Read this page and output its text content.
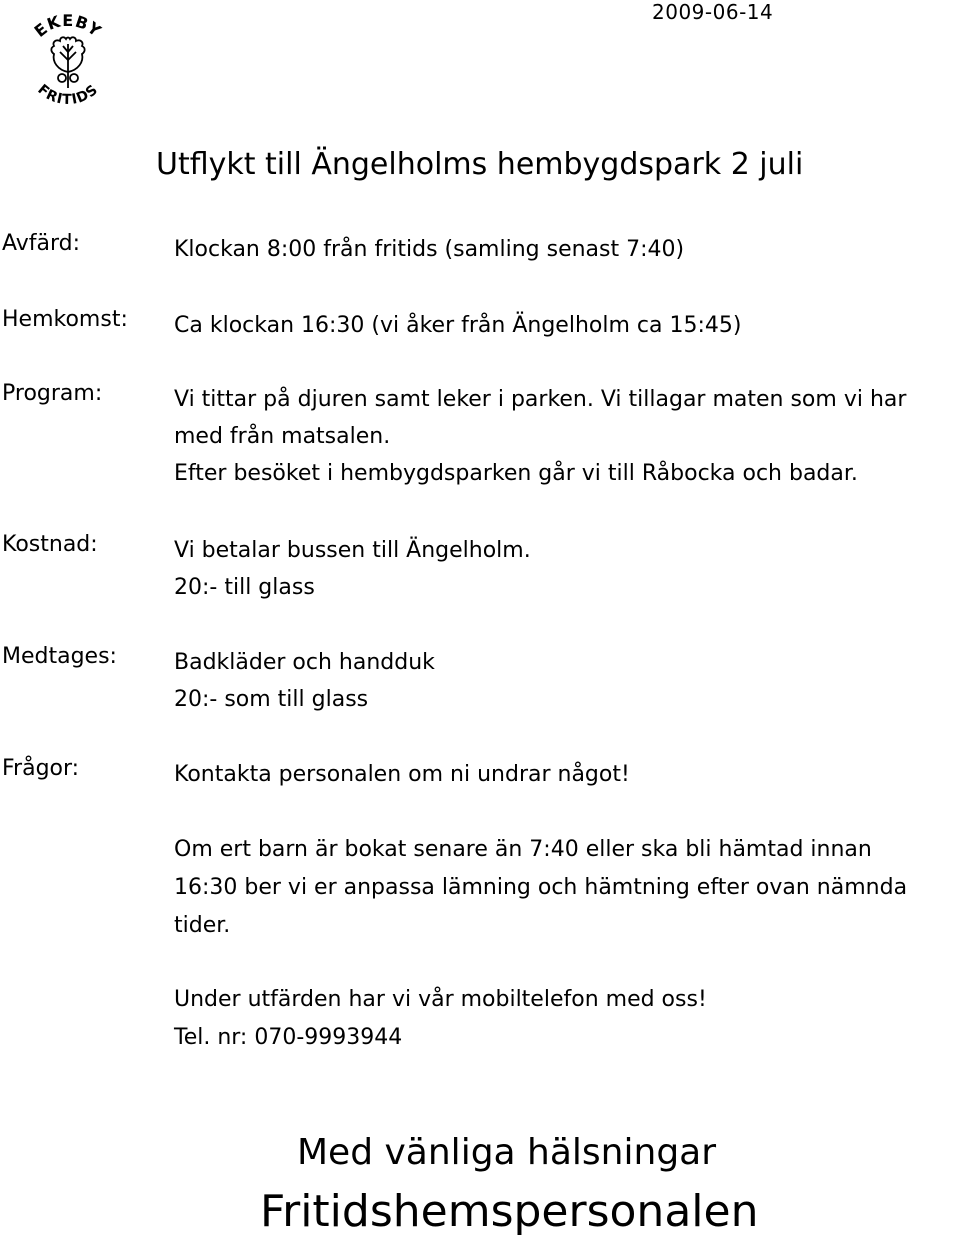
2009-06-14
EKEBY
FRITIDS
Utflykt till Ängelholms hembygdspark 2 juli
Avfärd:	Klockan 8:00 från fritids (samling senast 7:40)
Hemkomst: Ca klockan 16:30 (vi åker från Ängelholm ca 15:45)
Program:	Vi tittar på djuren samt leker i parken. Vi tillagar maten som vi har
med från matsalen.
Efter besöket i hembygdsparken går vi till Råbocka och badar.
Kostnad:	Vi betalar bussen till Ängelholm.
20:- till glass
Medtages:	Badkläder och handduk
20:- som till glass
Frågor:	Kontakta personalen om ni undrar något!
Om ert barn är bokat senare än 7:40 eller ska bli hämtad innan
16:30 ber vi er anpassa lämning och hämtning efter ovan nämnda
tider.
Under utfärden har vi vår mobiltelefon med oss!
Tel. nr: 070-9993944
Med vänliga hälsningar
Fritidshemspersonalen
